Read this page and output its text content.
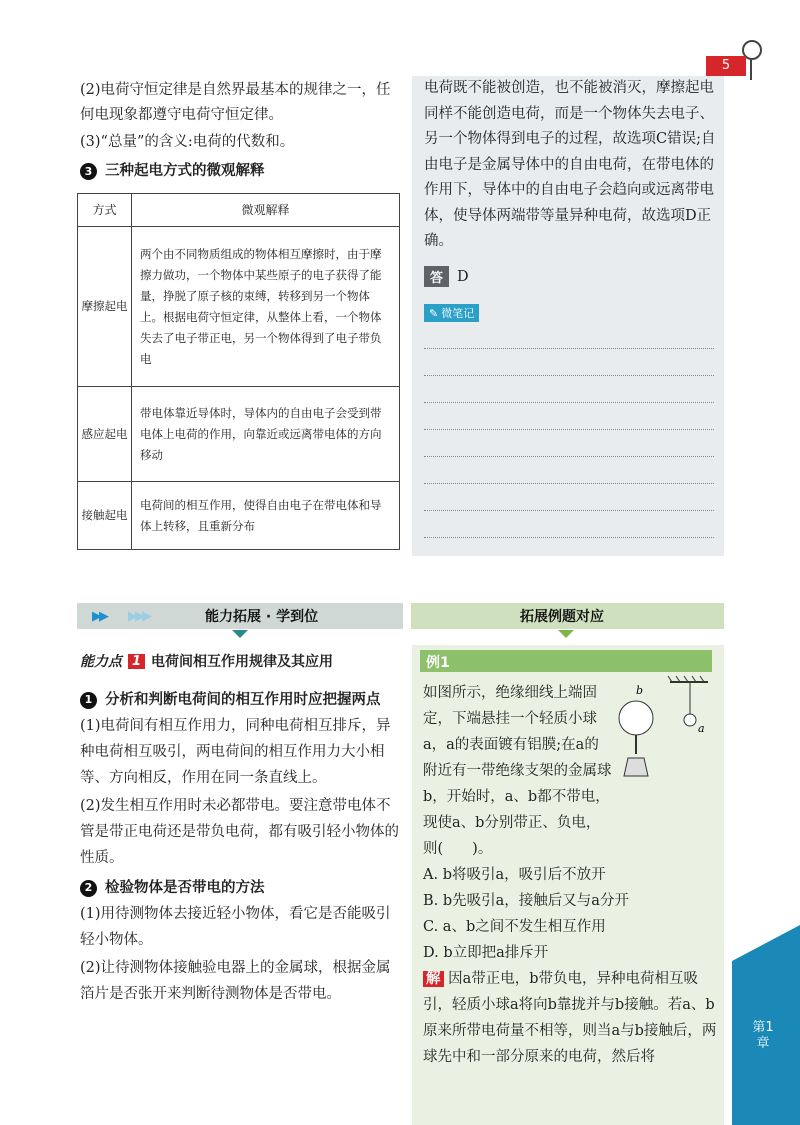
5

(2)电荷守恒定律是自然界最基本的规律之一，任何电现象都遵守电荷守恒定律。

(3)“总量”的含义:电荷的代数和。

3 三种起电方式的微观解释
方式	微观解释
摩擦起电	两个由不同物质组成的物体相互摩擦时，由于摩擦力做功，一个物体中某些原子的电子获得了能量，挣脱了原子核的束缚，转移到另一个物体上。根据电荷守恒定律，从整体上看，一个物体失去了电子带正电，另一个物体得到了电子带负电
感应起电	带电体靠近导体时，导体内的自由电子会受到带电体上电荷的作用，向靠近或远离带电体的方向移动
接触起电	电荷间的相互作用，使得自由电子在带电体和导体上转移，且重新分布
电荷既不能被创造，也不能被消灭，摩擦起电同样不能创造电荷，而是一个物体失去电子、另一个物体得到电子的过程，故选项C错误;自由电子是金属导体中的自由电荷，在带电体的作用下，导体中的自由电子会趋向或远离带电体，使导体两端带等量异种电荷，故选项D正确。
答 D
✎ 微笔记
▶▶ ▶▶▶	能力拓展 · 学到位	拓展例题对应
能力点 1 电荷间相互作用规律及其应用
1 分析和判断电荷间的相互作用时应把握两点

(1)电荷间有相互作用力，同种电荷相互排斥，异种电荷相互吸引，两电荷间的相互作用力大小相等、方向相反，作用在同一条直线上。

(2)发生相互作用时未必都带电。要注意带电体不管是带正电荷还是带负电荷，都有吸引轻小物体的性质。

2 检验物体是否带电的方法

(1)用待测物体去接近轻小物体，看它是否能吸引轻小物体。

(2)让待测物体接触验电器上的金属球，根据金属箔片是否张开来判断待测物体是否带电。

例1
a
b

如图所示，绝缘细线上端固定，下端悬挂一个轻质小球a，a的表面镀有铝膜;在a的附近有一带绝缘支架的金属球b，开始时，a、b都不带电，现使a、b分别带正、负电，则(　　)。

A. b将吸引a，吸引后不放开

B. b先吸引a，接触后又与a分开

C. a、b之间不发生相互作用

D. b立即把a排斥开

解 因a带正电，b带负电，异种电荷相互吸引，轻质小球a将向b靠拢并与b接触。若a、b原来所带电荷量不相等，则当a与b接触后，两球先中和一部分原来的电荷，然后将

第1章
